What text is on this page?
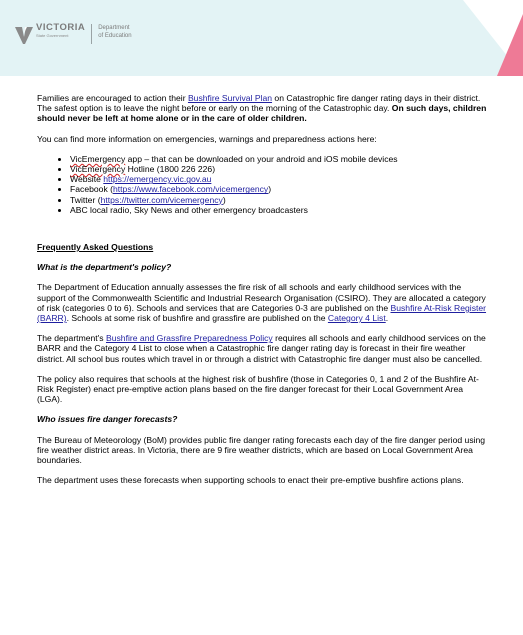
VICTORIA
State Government
Department
of Education

Families are encouraged to action their Bushfire Survival Plan on Catastrophic fire danger rating days in their district. The safest option is to leave the night before or early on the morning of the Catastrophic day. On such days, children should never be left at home alone or in the care of older children.

You can find more information on emergencies, warnings and preparedness actions here:

• VicEmergency app – that can be downloaded on your android and iOS mobile devices
• VicEmergency Hotline (1800 226 226)
• Website https://emergency.vic.gov.au
• Facebook (https://www.facebook.com/vicemergency)
• Twitter (https://twitter.com/vicemergency)
• ABC local radio, Sky News and other emergency broadcasters
Frequently Asked Questions
What is the department's policy?

The Department of Education annually assesses the fire risk of all schools and early childhood services with the support of the Commonwealth Scientific and Industrial Research Organisation (CSIRO). They are allocated a category of risk (categories 0 to 6). Schools and services that are Categories 0-3 are published on the Bushfire At-Risk Register (BARR). Schools at some risk of bushfire and grassfire are published on the Category 4 List.

The department's Bushfire and Grassfire Preparedness Policy requires all schools and early childhood services on the BARR and the Category 4 List to close when a Catastrophic fire danger rating day is forecast in their fire weather district. All school bus routes which travel in or through a district with Catastrophic fire danger must also be cancelled.

The policy also requires that schools at the highest risk of bushfire (those in Categories 0, 1 and 2 of the Bushfire At-Risk Register) enact pre-emptive action plans based on the fire danger forecast for their Local Government Area (LGA).

Who issues fire danger forecasts?

The Bureau of Meteorology (BoM) provides public fire danger rating forecasts each day of the fire danger period using fire weather district areas. In Victoria, there are 9 fire weather districts, which are based on Local Government Area boundaries.

The department uses these forecasts when supporting schools to enact their pre-emptive bushfire actions plans.
